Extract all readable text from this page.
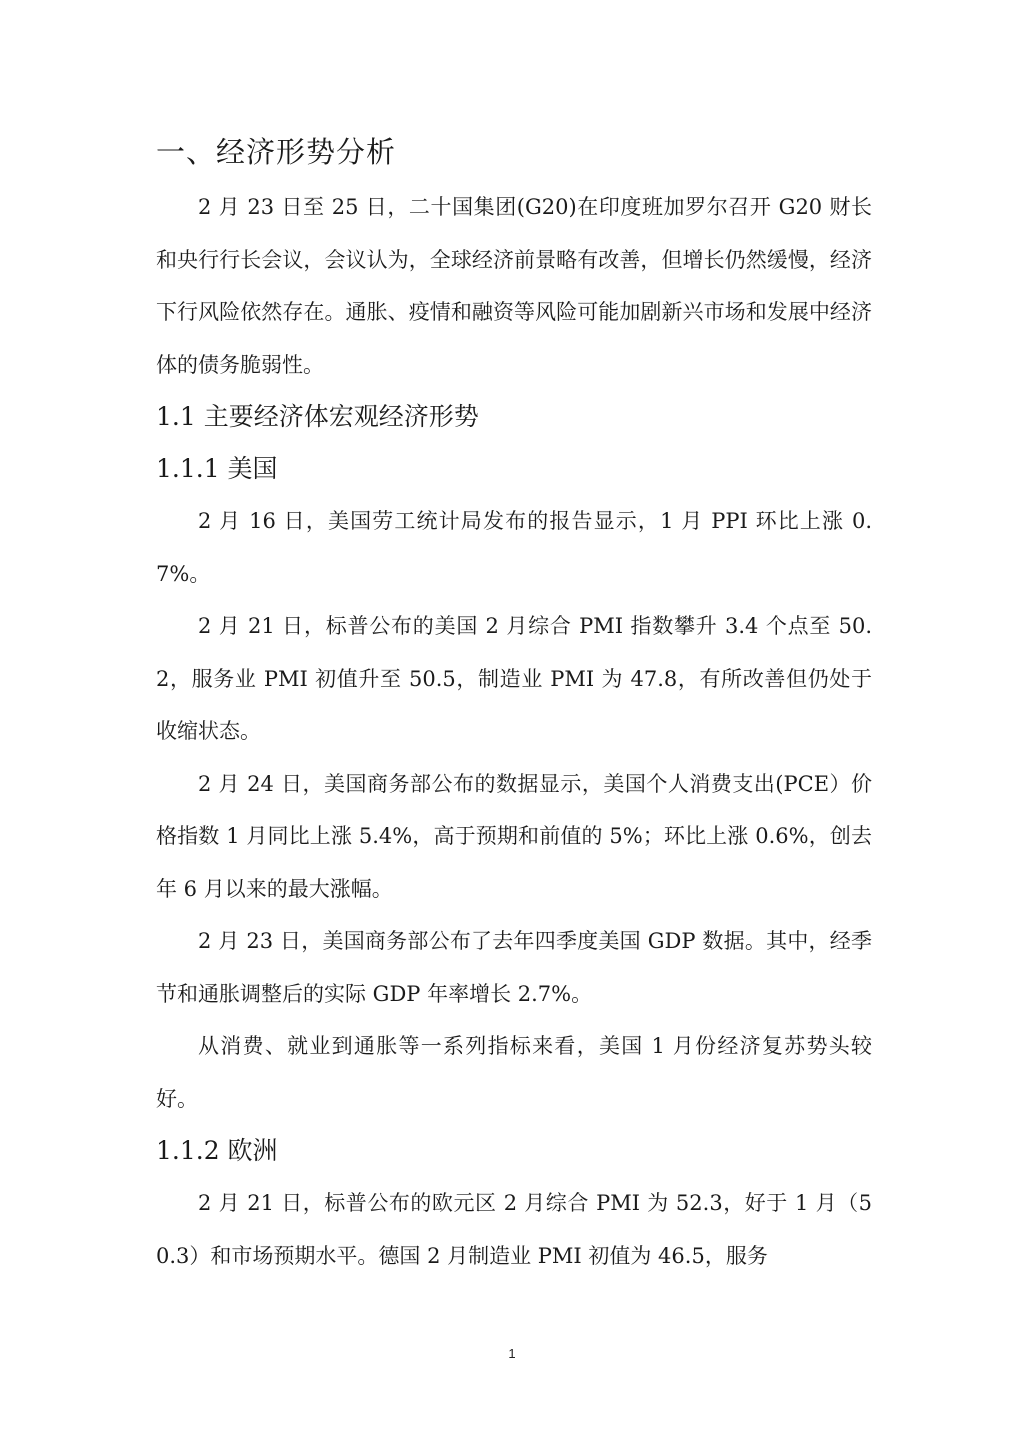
一、经济形势分析

2 月 23 日至 25 日，二十国集团(G20)在印度班加罗尔召开 G20 财长和央行行长会议，会议认为，全球经济前景略有改善，但增长仍然缓慢，经济下行风险依然存在。通胀、疫情和融资等风险可能加剧新兴市场和发展中经济体的债务脆弱性。

1.1 主要经济体宏观经济形势
1.1.1 美国

2 月 16 日，美国劳工统计局发布的报告显示，1 月 PPI 环比上涨 0.7%。

2 月 21 日，标普公布的美国 2 月综合 PMI 指数攀升 3.4 个点至 50.2，服务业 PMI 初值升至 50.5，制造业 PMI 为 47.8，有所改善但仍处于收缩状态。

2 月 24 日，美国商务部公布的数据显示，美国个人消费支出(PCE）价格指数 1 月同比上涨 5.4%，高于预期和前值的 5%；环比上涨 0.6%，创去年 6 月以来的最大涨幅。

2 月 23 日，美国商务部公布了去年四季度美国 GDP 数据。其中，经季节和通胀调整后的实际 GDP 年率增长 2.7%。

从消费、就业到通胀等一系列指标来看，美国 1 月份经济复苏势头较好。

1.1.2 欧洲

2 月 21 日，标普公布的欧元区 2 月综合 PMI 为 52.3，好于 1 月（50.3）和市场预期水平。德国 2 月制造业 PMI 初值为 46.5，服务

1
